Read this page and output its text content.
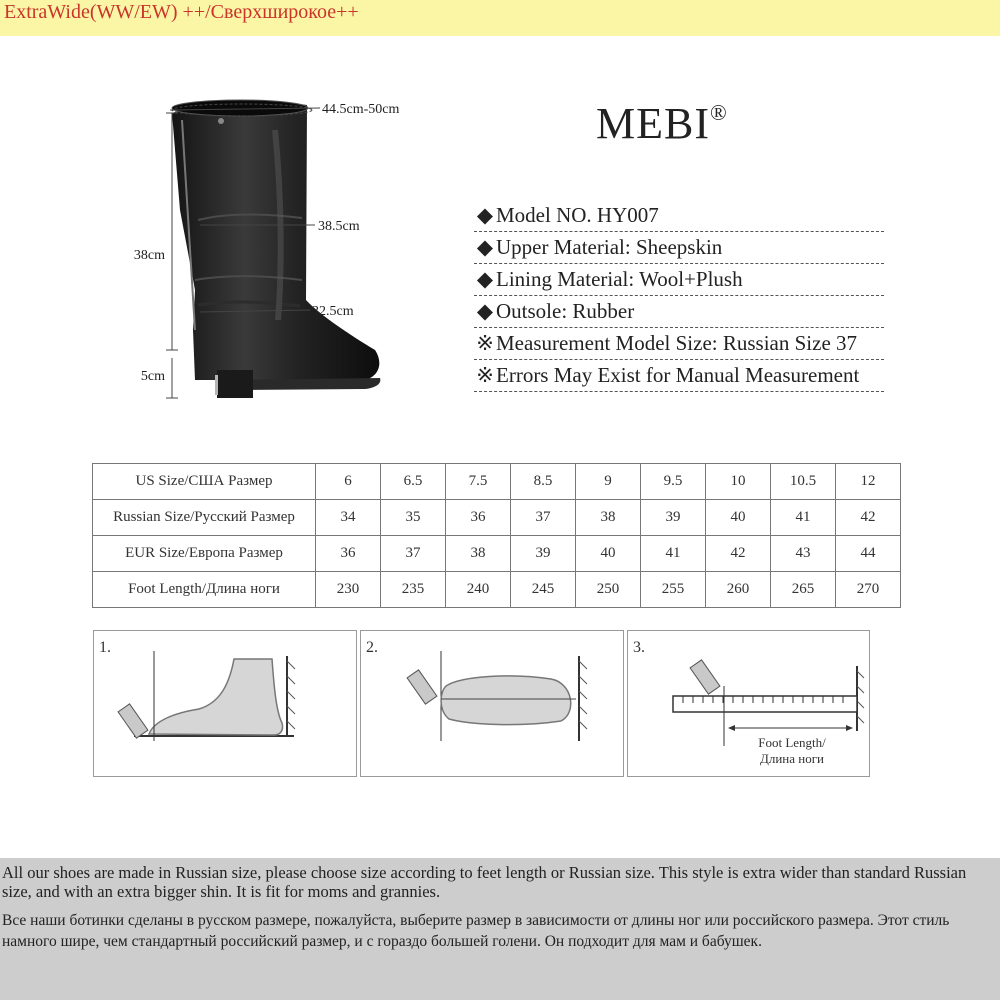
ExtraWide(WW/EW) ++/Сверхширокое++
44.5cm-50cm
38.5cm
32.5cm
38cm
5cm
MEBI®
◆ Model NO. HY007
◆ Upper Material: Sheepskin
◆ Lining Material: Wool+Plush
◆ Outsole: Rubber
※ Measurement Model Size: Russian Size 37
※ Errors May Exist for Manual Measurement
US Size/США Размер	6	6.5	7.5	8.5	9	9.5	10	10.5	12
Russian Size/Русский Размер	34	35	36	37	38	39	40	41	42
EUR Size/Европа Размер	36	37	38	39	40	41	42	43	44
Foot Length/Длина ноги	230	235	240	245	250	255	260	265	270
1.	2.	3.
Foot Length/
Длина ноги
All our shoes are made in Russian size, please choose size according to feet length or Russian size. This style is extra wider than standard Russian size, and with an extra bigger shin. It is fit for moms and grannies.
Все наши ботинки сделаны в русском размере, пожалуйста, выберите размер в зависимости от длины ног или российского размера. Этот стиль намного шире, чем стандартный российский размер, и с гораздо большей голени. Он подходит для мам и бабушек.
